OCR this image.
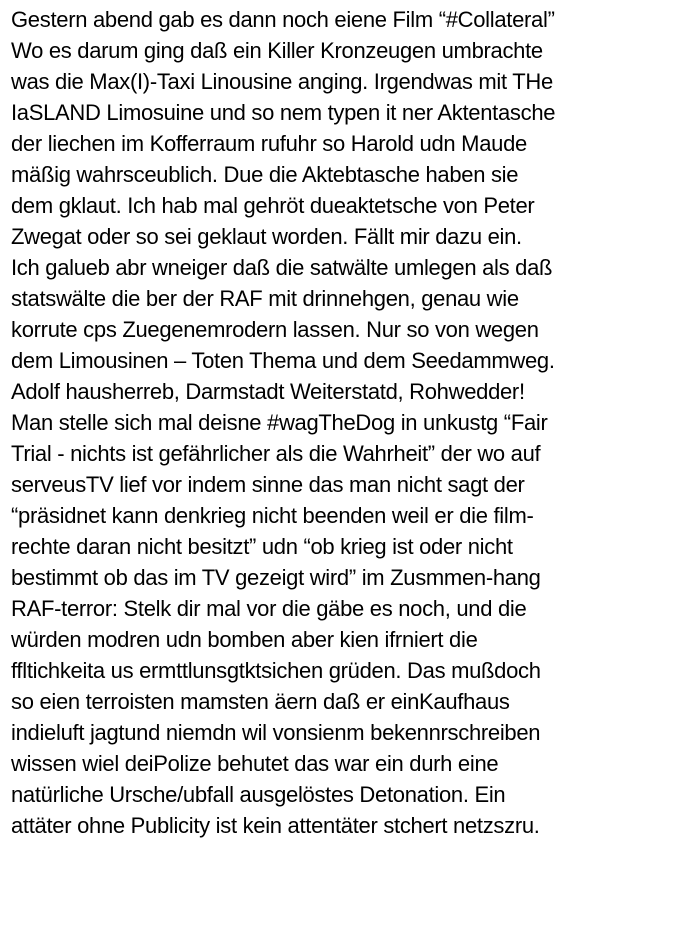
Gestern abend gab es dann noch eiene Film “#Collateral”
Wo es darum ging daß ein Killer Kronzeugen umbrachte
was die Max(I)-Taxi Linousine anging. Irgendwas mit THe
IaSLAND Limosuine und so nem typen it ner Aktentasche
der liechen im Kofferraum rufuhr so Harold udn Maude
mäßig wahrsceublich. Due die Aktebtasche haben sie
dem gklaut. Ich hab mal gehröt dueaktetsche von Peter
Zwegat oder so sei geklaut worden. Fällt mir dazu ein.
Ich galueb abr wneiger daß die satwälte umlegen als daß
statswälte die ber der RAF mit drinnehgen, genau wie
korrute cps Zuegenemrodern lassen. Nur so von wegen
dem Limousinen – Toten Thema und dem Seedammweg.
Adolf hausherreb, Darmstadt Weiterstatd, Rohwedder!
Man stelle sich mal deisne #wagTheDog in unkustg “Fair
Trial - nichts ist gefährlicher als die Wahrheit” der wo auf
serveusTV lief vor indem sinne das man nicht sagt der
“präsidnet kann denkrieg nicht beenden weil er die film-
rechte daran nicht besitzt” udn “ob krieg ist oder nicht
bestimmt ob das im TV gezeigt wird” im Zusmmen-hang
RAF-terror: Stelk dir mal vor die gäbe es noch, und die
würden modren udn bomben aber kien ifrniert die
ffltichkeita us ermttlunsgtktsichen grüden. Das mußdoch
so eien terroisten mamsten äern daß er einKaufhaus
indieluft jagtund niemdn wil vonsienm bekennrschreiben
wissen wiel deiPolize behutet das war ein durh eine
natürliche Ursche/ubfall ausgelöstes Detonation. Ein
attäter ohne Publicity ist kein attentäter stchert netzszru.
